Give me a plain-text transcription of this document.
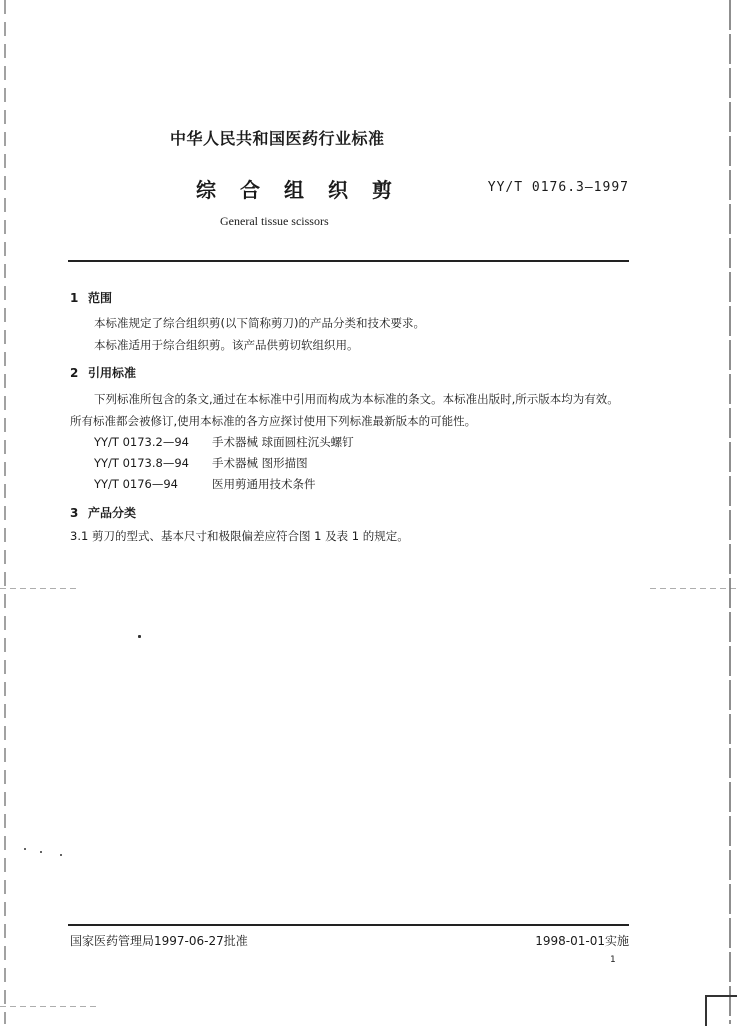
中华人民共和国医药行业标准
综合组织剪	YY/T 0176.3—1997
General tissue scissors
1 范围
本标准规定了综合组织剪(以下简称剪刀)的产品分类和技术要求。
本标准适用于综合组织剪。该产品供剪切软组织用。
2 引用标准
下列标准所包含的条文,通过在本标准中引用而构成为本标准的条文。本标准出版时,所示版本均为有效。所有标准都会被修订,使用本标准的各方应探讨使用下列标准最新版本的可能性。
YY/T 0173.2—94 手术器械 球面圆柱沉头螺钉
YY/T 0173.8—94 手术器械 图形描图
YY/T 0176—94	医用剪通用技术条件
3 产品分类
3.1 剪刀的型式、基本尺寸和极限偏差应符合图 1 及表 1 的规定。
国家医药管理局1997-06-27批准	1998-01-01实施
1
